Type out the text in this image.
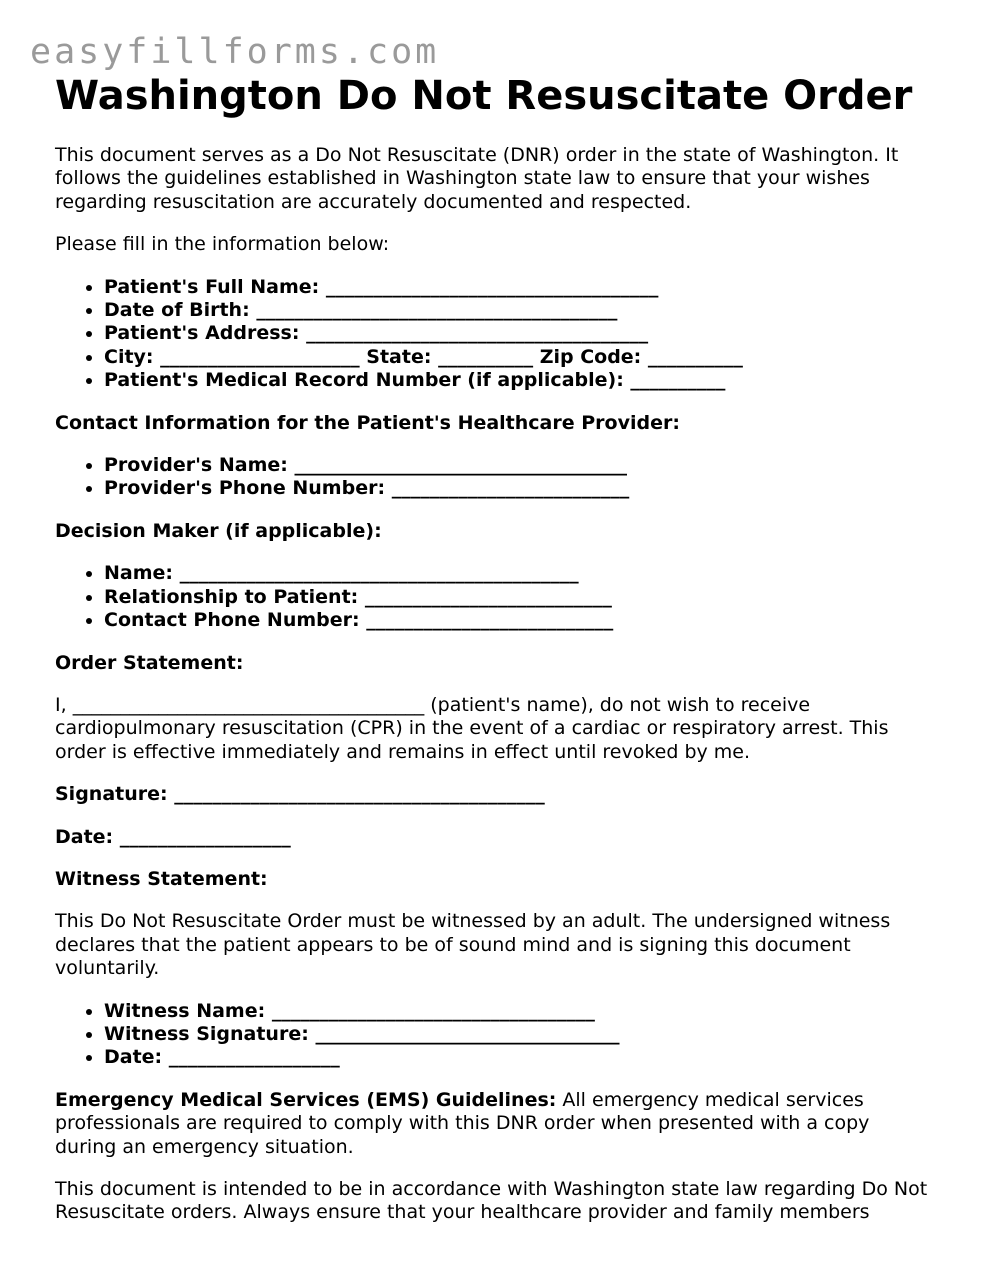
easyfillforms.com
Washington Do Not Resuscitate Order

This document serves as a Do Not Resuscitate (DNR) order in the state of Washington. It follows the guidelines established in Washington state law to ensure that your wishes regarding resuscitation are accurately documented and respected.

Please fill in the information below:

• Patient's Full Name: ___________________________________
• Date of Birth: ______________________________________
• Patient's Address: ____________________________________
• City: _____________________ State: __________ Zip Code: __________
• Patient's Medical Record Number (if applicable): __________

Contact Information for the Patient's Healthcare Provider:

• Provider's Name: ___________________________________
• Provider's Phone Number: _________________________

Decision Maker (if applicable):

• Name: __________________________________________
• Relationship to Patient: __________________________
• Contact Phone Number: __________________________

Order Statement:

I, _____________________________________ (patient's name), do not wish to receive cardiopulmonary resuscitation (CPR) in the event of a cardiac or respiratory arrest. This order is effective immediately and remains in effect until revoked by me.

Signature: _______________________________________

Date: __________________

Witness Statement:

This Do Not Resuscitate Order must be witnessed by an adult. The undersigned witness declares that the patient appears to be of sound mind and is signing this document voluntarily.

• Witness Name: __________________________________
• Witness Signature: ________________________________
• Date: __________________

Emergency Medical Services (EMS) Guidelines: All emergency medical services professionals are required to comply with this DNR order when presented with a copy during an emergency situation.

This document is intended to be in accordance with Washington state law regarding Do Not Resuscitate orders. Always ensure that your healthcare provider and family members
